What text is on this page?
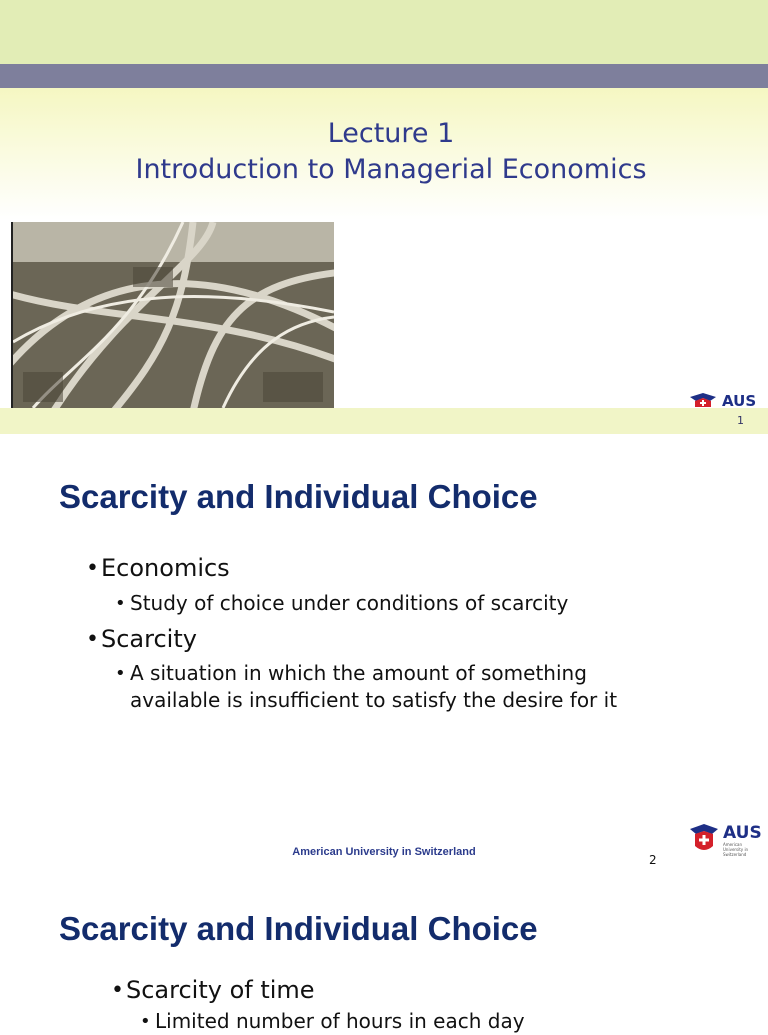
Lecture 1
Introduction to Managerial Economics
AUS
1
Scarcity and Individual Choice
• Economics
• Study of choice under conditions of scarcity
• Scarcity
• A situation in which the amount of something
available is insufficient to satisfy the desire for it
American University in Switzerland
2
AUS
American University in Switzerland
Scarcity and Individual Choice
• Scarcity of time
• Limited number of hours in each day
